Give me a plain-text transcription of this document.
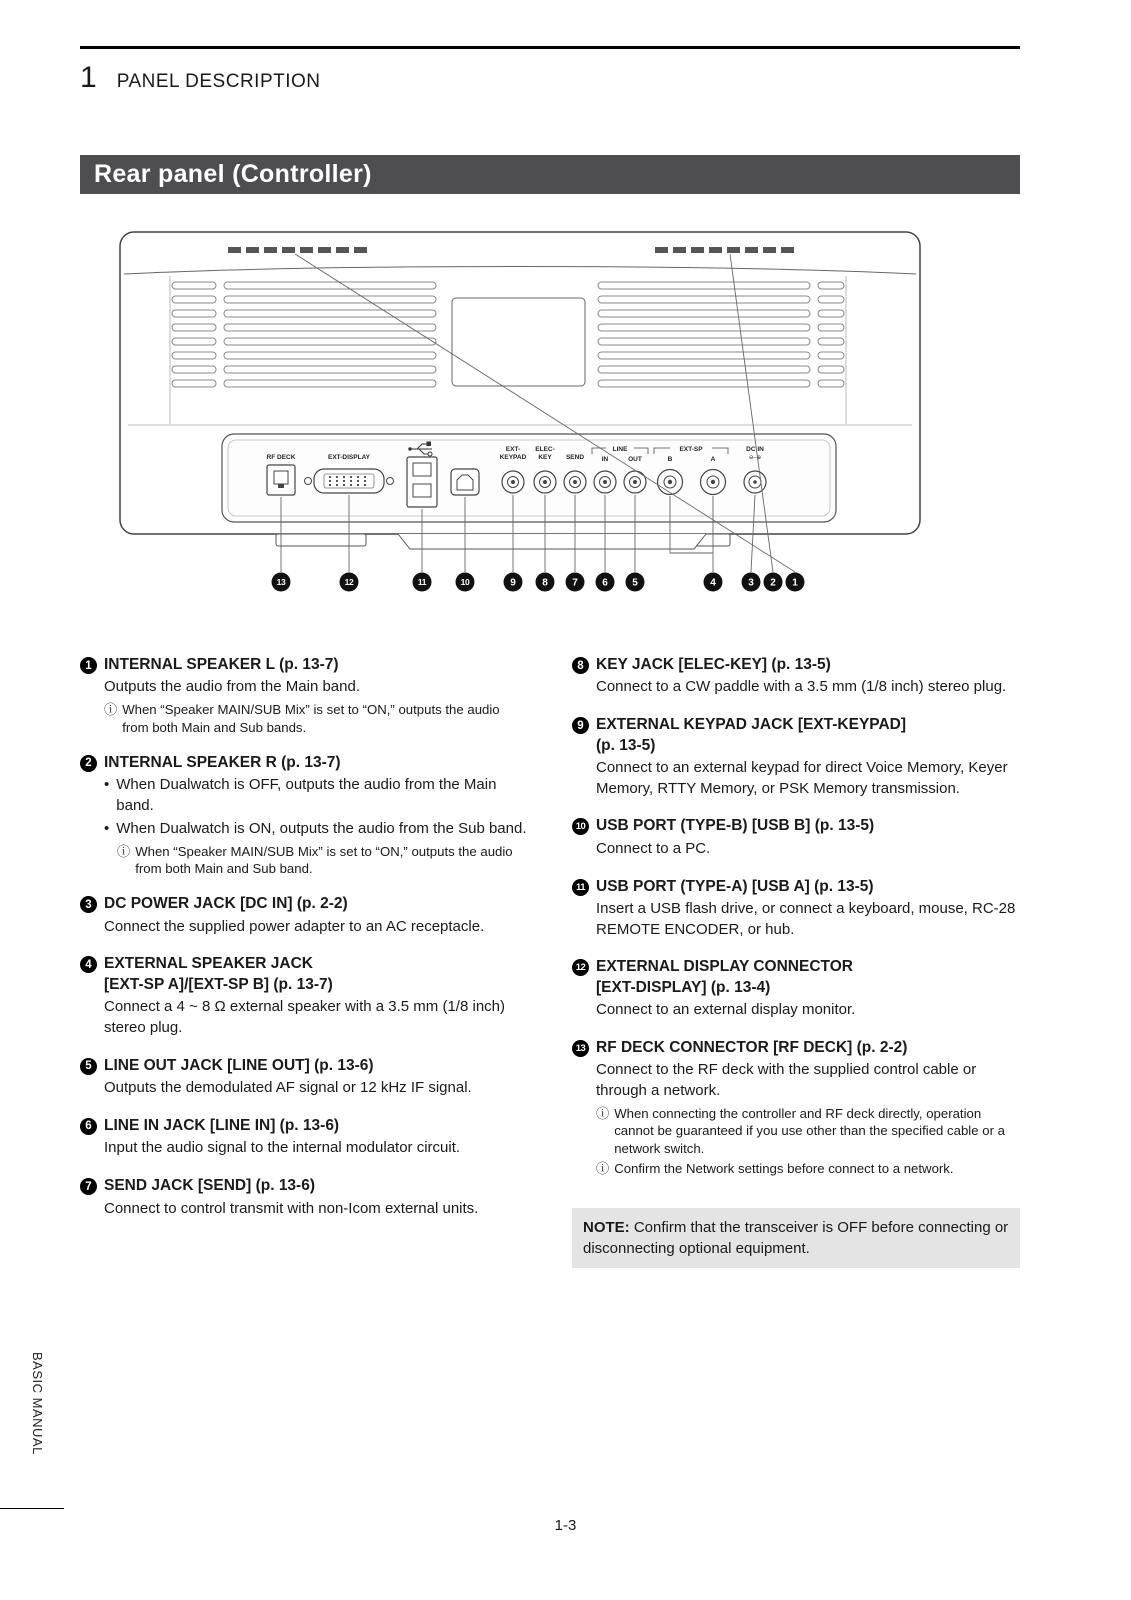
1 PANEL DESCRIPTION
Rear panel (Controller)
RF DECK	EXT-DISPLAY
EXT-
KEYPAD
ELEC-
KEY SEND
LINE
IN	OUT
EXT-SP
B	A
DC IN
⊖–⊕
13	12	11	10	9	8 7 6 5	4	3 2 1
1 INTERNAL SPEAKER L (p. 13-7)

Outputs the audio from the Main band.

ⓘ When “Speaker MAIN/SUB Mix” is set to “ON,” outputs the audio from both Main and Sub bands.
2 INTERNAL SPEAKER R (p. 13-7)
• When Dualwatch is OFF, outputs the audio from the Main band.
• When Dualwatch is ON, outputs the audio from the Sub band.
ⓘ When “Speaker MAIN/SUB Mix” is set to “ON,” outputs the audio from both Main and Sub band.
3 DC POWER JACK [DC IN] (p. 2-2)

Connect the supplied power adapter to an AC receptacle.

4 EXTERNAL SPEAKER JACK
[EXT-SP A]/[EXT-SP B] (p. 13-7)

Connect a 4 ~ 8 Ω external speaker with a 3.5 mm (1/8 inch) stereo plug.

5 LINE OUT JACK [LINE OUT] (p. 13-6)

Outputs the demodulated AF signal or 12 kHz IF signal.

6 LINE IN JACK [LINE IN] (p. 13-6)

Input the audio signal to the internal modulator circuit.

7 SEND JACK [SEND] (p. 13-6)

Connect to control transmit with non-Icom external units.

8 KEY JACK [ELEC-KEY] (p. 13-5)

Connect to a CW paddle with a 3.5 mm (1/8 inch) stereo plug.

9 EXTERNAL KEYPAD JACK [EXT-KEYPAD]
(p. 13-5)

Connect to an external keypad for direct Voice Memory, Keyer Memory, RTTY Memory, or PSK Memory transmission.

10 USB PORT (TYPE-B) [USB B] (p. 13-5)

Connect to a PC.

11 USB PORT (TYPE-A) [USB A] (p. 13-5)

Insert a USB flash drive, or connect a keyboard, mouse, RC-28 REMOTE ENCODER, or hub.

12 EXTERNAL DISPLAY CONNECTOR
[EXT-DISPLAY] (p. 13-4)

Connect to an external display monitor.

13 RF DECK CONNECTOR [RF DECK] (p. 2-2)

Connect to the RF deck with the supplied control cable or through a network.

ⓘ When connecting the controller and RF deck directly, operation cannot be guaranteed if you use other than the specified cable or a network switch.
ⓘ Confirm the Network settings before connect to a network.
NOTE: Confirm that the transceiver is OFF before connecting or disconnecting optional equipment.
BASIC MANUAL
1-3
